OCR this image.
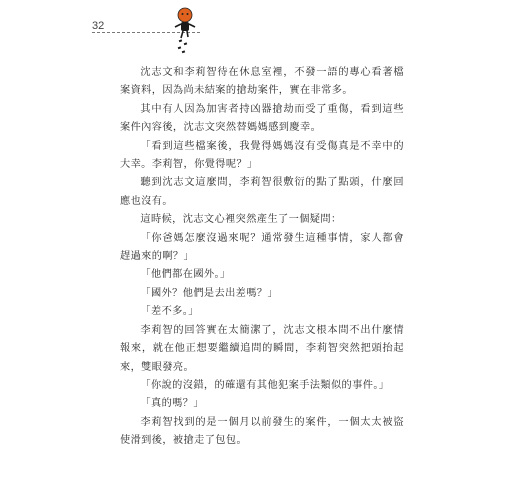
32

沈志文和李莉智待在休息室裡，不發一語的專心看著檔案資料，因為尚未結案的搶劫案件，實在非常多。

其中有人因為加害者持凶器搶劫而受了重傷，看到這些案件內容後，沈志文突然替媽媽感到慶幸。

「看到這些檔案後，我覺得媽媽沒有受傷真是不幸中的大幸。李莉智，你覺得呢？」

聽到沈志文這麼問，李莉智很敷衍的點了點頭，什麼回應也沒有。

這時候，沈志文心裡突然產生了一個疑問：

「你爸媽怎麼沒過來呢？通常發生這種事情，家人都會趕過來的啊？」

「他們都在國外。」

「國外？他們是去出差嗎？」

「差不多。」

李莉智的回答實在太簡潔了，沈志文根本問不出什麼情報來，就在他正想要繼續追問的瞬間，李莉智突然把頭抬起來，雙眼發亮。

「你說的沒錯，的確還有其他犯案手法類似的事件。」

「真的嗎？」

李莉智找到的是一個月以前發生的案件，一個太太被盜使滑到後，被搶走了包包。
